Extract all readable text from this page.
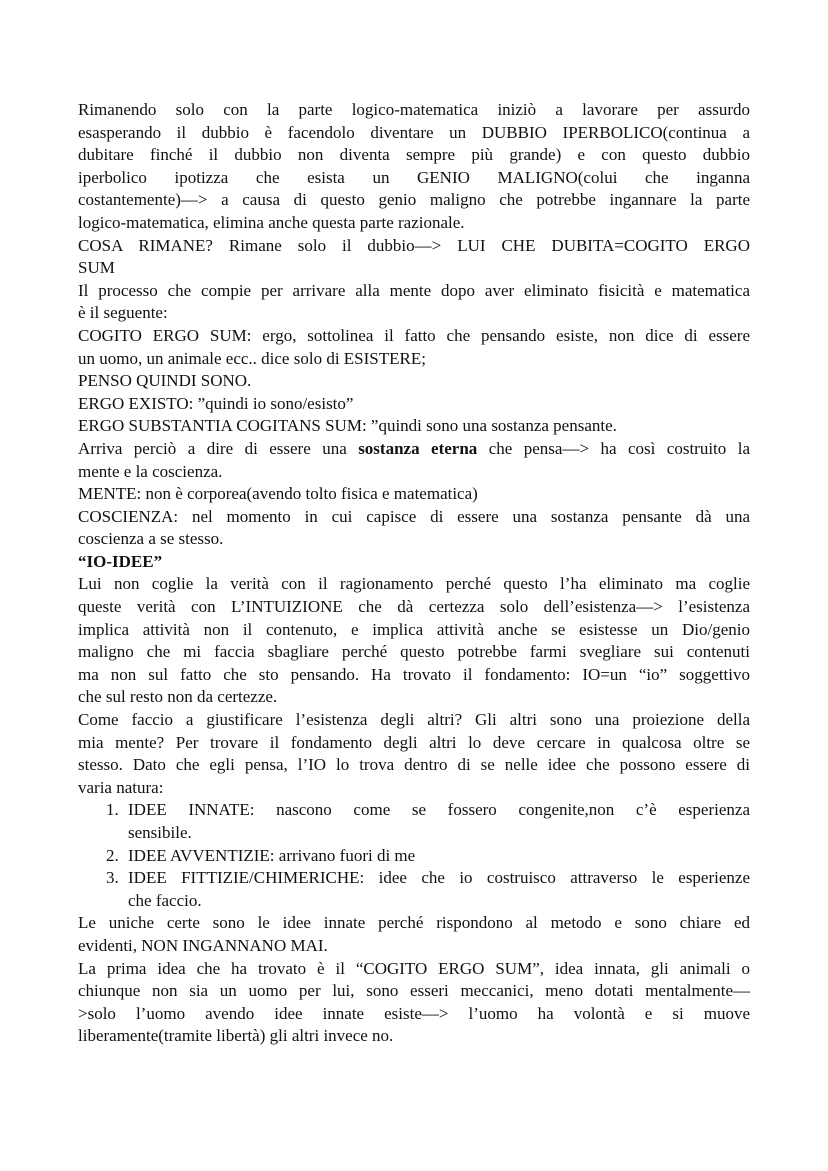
Rimanendo solo con la parte logico-matematica iniziò a lavorare per assurdo

esasperando il dubbio è facendolo diventare un DUBBIO IPERBOLICO(continua a

dubitare finché il dubbio non diventa sempre più grande) e con questo dubbio

iperbolico ipotizza che esista un GENIO MALIGNO(colui che inganna

costantemente)—> a causa di questo genio maligno che potrebbe ingannare la parte

logico-matematica, elimina anche questa parte razionale.

COSA RIMANE? Rimane solo il dubbio—> LUI CHE DUBITA=COGITO ERGO

SUM

Il processo che compie per arrivare alla mente dopo aver eliminato fisicità e matematica

è il seguente:

COGITO ERGO SUM: ergo, sottolinea il fatto che pensando esiste, non dice di essere

un uomo, un animale ecc.. dice solo di ESISTERE;

PENSO QUINDI SONO.

ERGO EXISTO: ”quindi io sono/esisto”

ERGO SUBSTANTIA COGITANS SUM: ”quindi sono una sostanza pensante.

Arriva perciò a dire di essere una sostanza eterna che pensa—> ha così costruito la

mente e la coscienza.

MENTE: non è corporea(avendo tolto fisica e matematica)

COSCIENZA: nel momento in cui capisce di essere una sostanza pensante dà una

coscienza a se stesso.

“IO-IDEE”

Lui non coglie la verità con il ragionamento perché questo l’ha eliminato ma coglie

queste verità con L’INTUIZIONE che dà certezza solo dell’esistenza—> l’esistenza

implica attività non il contenuto, e implica attività anche se esistesse un Dio/genio

maligno che mi faccia sbagliare perché questo potrebbe farmi svegliare sui contenuti

ma non sul fatto che sto pensando. Ha trovato il fondamento: IO=un “io” soggettivo

che sul resto non da certezze.

Come faccio a giustificare l’esistenza degli altri? Gli altri sono una proiezione della

mia mente? Per trovare il fondamento degli altri lo deve cercare in qualcosa oltre se

stesso. Dato che egli pensa, l’IO lo trova dentro di se nelle idee che possono essere di

varia natura:

1. IDEE INNATE: nascono come se fossero congenite,non c’è esperienza

sensibile.

2. IDEE AVVENTIZIE: arrivano fuori di me

3. IDEE FITTIZIE/CHIMERICHE: idee che io costruisco attraverso le esperienze

che faccio.

Le uniche certe sono le idee innate perché rispondono al metodo e sono chiare ed

evidenti, NON INGANNANO MAI.

La prima idea che ha trovato è il “COGITO ERGO SUM”, idea innata, gli animali o

chiunque non sia un uomo per lui, sono esseri meccanici, meno dotati mentalmente—

>solo l’uomo avendo idee innate esiste—> l’uomo ha volontà e si muove

liberamente(tramite libertà) gli altri invece no.
